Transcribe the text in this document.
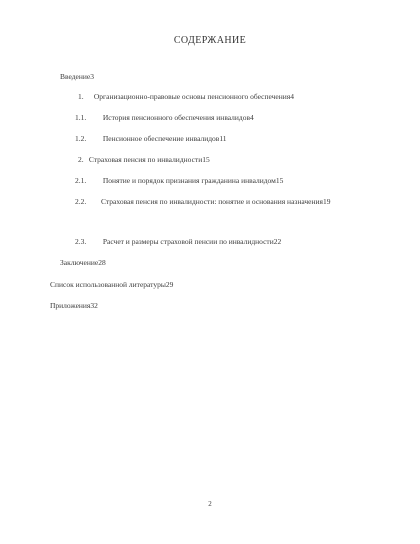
СОДЕРЖАНИЕ
Введение3
1. Организационно-правовые основы пенсионного обеспечения4
1.1. История пенсионного обеспечения инвалидов4
1.2. Пенсионное обеспечение инвалидов11
2. Страховая пенсия по инвалидности15
2.1. Понятие и порядок признания гражданина инвалидом15
2.2. Страховая пенсия по инвалидности: понятие и основания назначения19
2.3. Расчет и размеры страховой пенсии по инвалидности22
Заключение28
Список использованной литературы29
Приложения32
2
